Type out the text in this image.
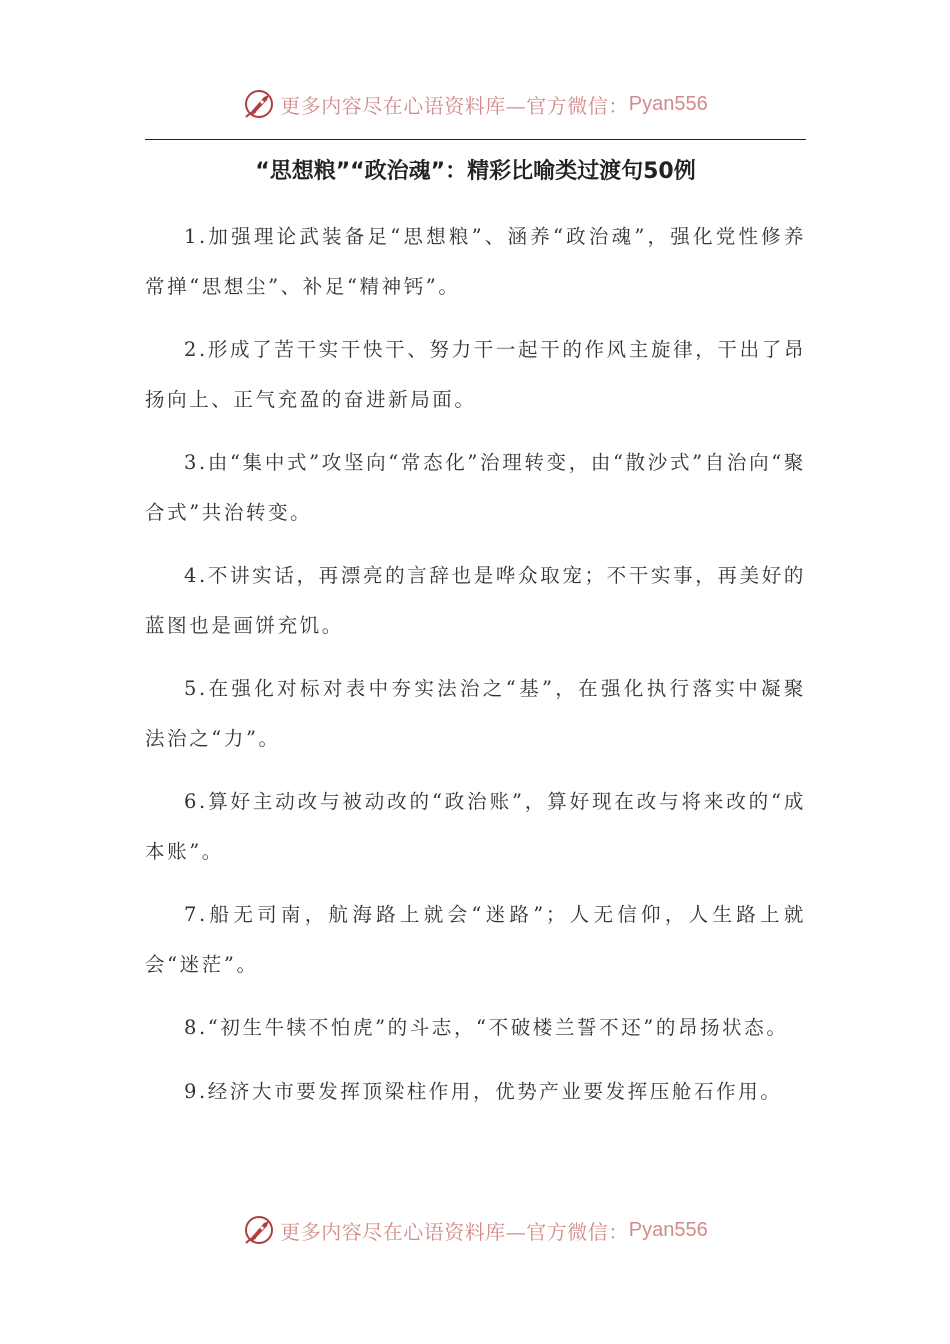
更多内容尽在心语资料库—官方微信： Pyan556
“思想粮”“政治魂”：精彩比喻类过渡句50例

1.加强理论武装备足“思想粮”、涵养“政治魂”，强化党性修养常掸“思想尘”、补足“精神钙”。

2.形成了苦干实干快干、努力干一起干的作风主旋律，干出了昂扬向上、正气充盈的奋进新局面。

3.由“集中式”攻坚向“常态化”治理转变，由“散沙式”自治向“聚合式”共治转变。

4.不讲实话，再漂亮的言辞也是哗众取宠；不干实事，再美好的蓝图也是画饼充饥。

5.在强化对标对表中夯实法治之“基”，在强化执行落实中凝聚法治之“力”。

6.算好主动改与被动改的“政治账”，算好现在改与将来改的“成本账”。

7.船无司南，航海路上就会“迷路”；人无信仰，人生路上就会“迷茫”。

8.“初生牛犊不怕虎”的斗志，“不破楼兰誓不还”的昂扬状态。

9.经济大市要发挥顶梁柱作用，优势产业要发挥压舱石作用。

更多内容尽在心语资料库—官方微信： Pyan556
